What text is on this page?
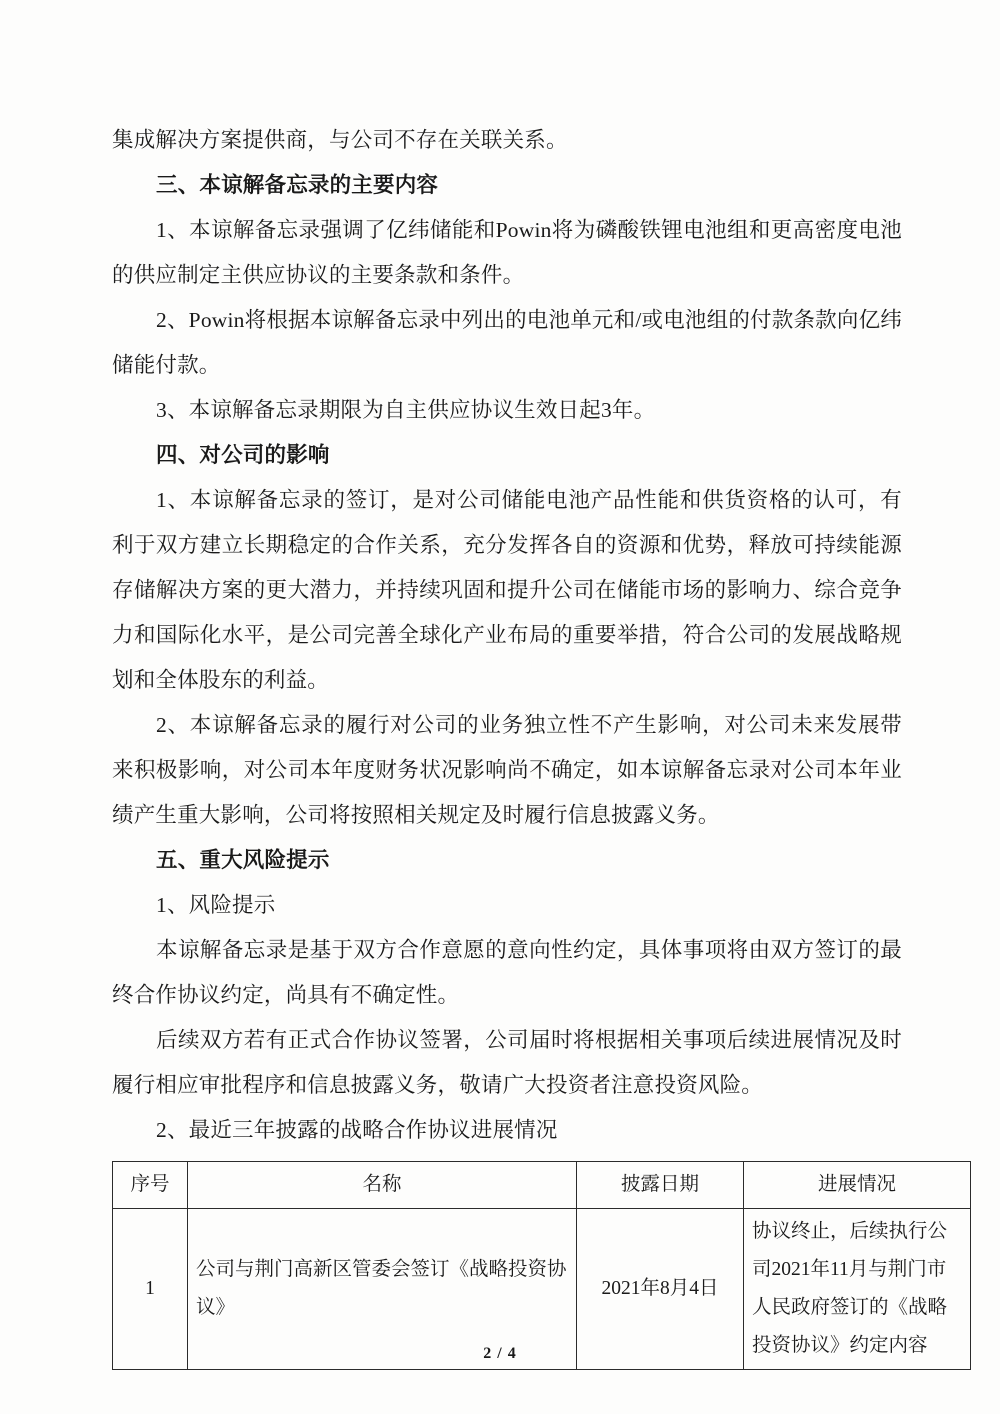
集成解决方案提供商，与公司不存在关联关系。

三、本谅解备忘录的主要内容

1、本谅解备忘录强调了亿纬储能和Powin将为磷酸铁锂电池组和更高密度电池的供应制定主供应协议的主要条款和条件。

2、Powin将根据本谅解备忘录中列出的电池单元和/或电池组的付款条款向亿纬储能付款。

3、本谅解备忘录期限为自主供应协议生效日起3年。

四、对公司的影响

1、本谅解备忘录的签订，是对公司储能电池产品性能和供货资格的认可，有利于双方建立长期稳定的合作关系，充分发挥各自的资源和优势，释放可持续能源存储解决方案的更大潜力，并持续巩固和提升公司在储能市场的影响力、综合竞争力和国际化水平，是公司完善全球化产业布局的重要举措，符合公司的发展战略规划和全体股东的利益。

2、本谅解备忘录的履行对公司的业务独立性不产生影响，对公司未来发展带来积极影响，对公司本年度财务状况影响尚不确定，如本谅解备忘录对公司本年业绩产生重大影响，公司将按照相关规定及时履行信息披露义务。

五、重大风险提示

1、风险提示

本谅解备忘录是基于双方合作意愿的意向性约定，具体事项将由双方签订的最终合作协议约定，尚具有不确定性。

后续双方若有正式合作协议签署，公司届时将根据相关事项后续进展情况及时履行相应审批程序和信息披露义务，敬请广大投资者注意投资风险。

2、最近三年披露的战略合作协议进展情况

序号	名称	披露日期	进展情况
1	公司与荆门高新区管委会签订《战略投资协议》	2021年8月4日	协议终止，后续执行公司2021年11月与荆门市人民政府签订的《战略投资协议》约定内容
2 / 4
